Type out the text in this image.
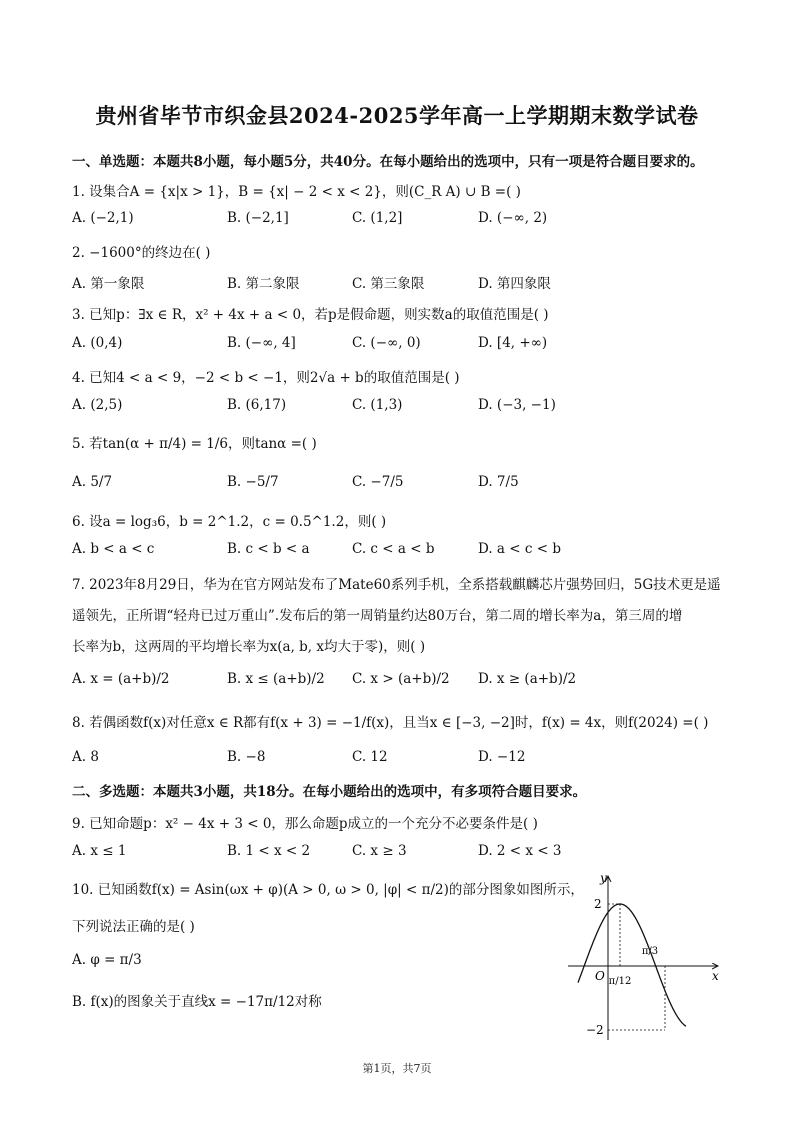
贵州省毕节市织金县2024-2025学年高一上学期期末数学试卷
一、单选题：本题共8小题，每小题5分，共40分。在每小题给出的选项中，只有一项是符合题目要求的。
1. 设集合A = {x|x > 1}，B = {x| − 2 < x < 2}，则(C_R A) ∪ B =( )
A. (−2,1)	B. (−2,1]	C. (1,2]	D. (−∞, 2)
2. −1600°的终边在( )
A. 第一象限	B. 第二象限	C. 第三象限	D. 第四象限
3. 已知p：∃x ∈ R，x² + 4x + a < 0，若p是假命题，则实数a的取值范围是( )
A. (0,4)	B. (−∞, 4]	C. (−∞, 0)	D. [4, +∞)
4. 已知4 < a < 9，−2 < b < −1，则2√a + b的取值范围是( )
A. (2,5)	B. (6,17)	C. (1,3)	D. (−3, −1)
5. 若tan(α + π/4) = 1/6，则tanα =( )
A. 5/7	B. −5/7	C. −7/5	D. 7/5
6. 设a = log₃6，b = 2^1.2，c = 0.5^1.2，则( )
A. b < a < c	B. c < b < a	C. c < a < b	D. a < c < b
7. 2023年8月29日，华为在官方网站发布了Mate60系列手机，全系搭载麒麟芯片强势回归，5G技术更是遥
遥领先，正所谓“轻舟已过万重山”.发布后的第一周销量约达80万台，第二周的增长率为a，第三周的增
长率为b，这两周的平均增长率为x(a, b, x均大于零)，则( )
A. x = (a+b)/2	B. x ≤ (a+b)/2 C. x > (a+b)/2 D. x ≥ (a+b)/2
8. 若偶函数f(x)对任意x ∈ R都有f(x + 3) = −1/f(x)，且当x ∈ [−3, −2]时，f(x) = 4x，则f(2024) =( )
A. 8	B. −8	C. 12	D. −12
二、多选题：本题共3小题，共18分。在每小题给出的选项中，有多项符合题目要求。
9. 已知命题p：x² − 4x + 3 < 0，那么命题p成立的一个充分不必要条件是( )
A. x ≤ 1	B. 1 < x < 2	C. x ≥ 3	D. 2 < x < 3
10. 已知函数f(x) = Asin(ωx + φ)(A > 0, ω > 0, |φ| < π/2)的部分图象如图所示，
下列说法正确的是( )
A. φ = π/3
B. f(x)的图象关于直线x = −17π/12对称
y
x
O
2
−2
π/12
π/3
第1页，共7页
